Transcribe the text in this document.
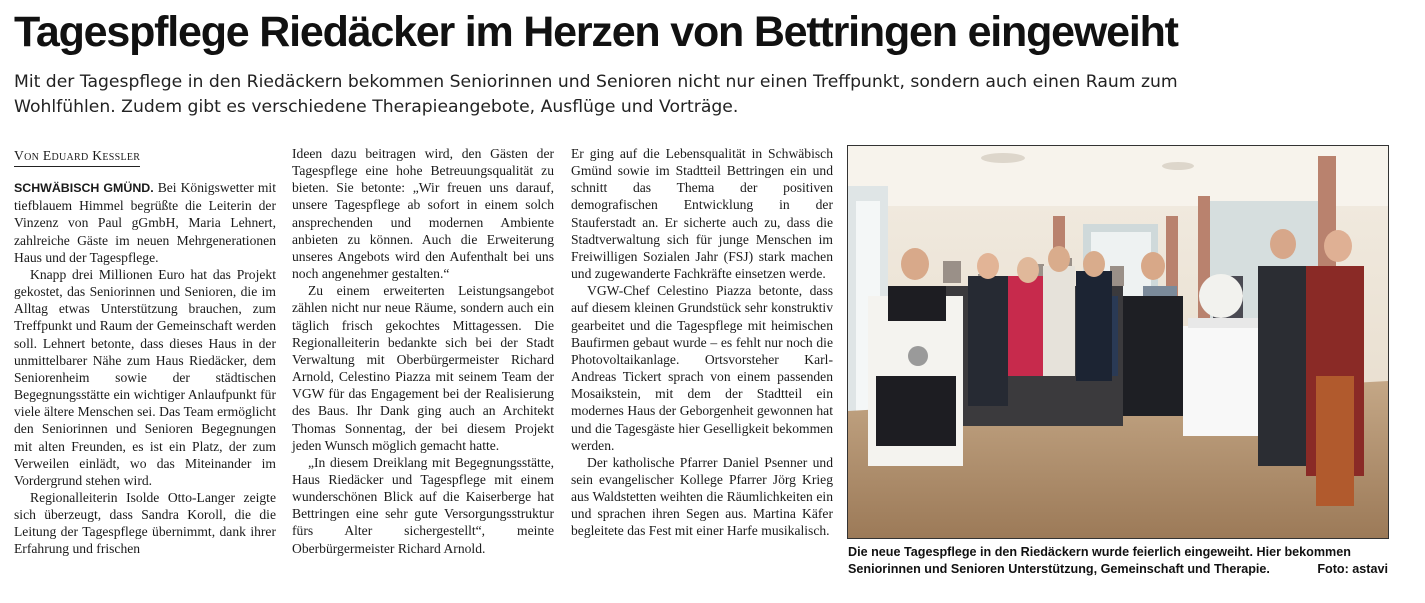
Tagespflege Riedäcker im Herzen von Bettringen eingeweiht

Mit der Tagespflege in den Riedäckern bekommen Seniorinnen und Senioren nicht nur einen Treffpunkt, sondern auch einen Raum zum Wohlfühlen. Zudem gibt es verschiedene Therapieangebote, Ausflüge und Vorträge.

Von Eduard Kessler

SCHWÄBISCH GMÜND. Bei Königswetter mit tiefblauem Himmel begrüßte die Leiterin der Vinzenz von Paul gGmbH, Maria Lehnert, zahlreiche Gäste im neuen Mehrgenerationen Haus und der Tagespflege.

Knapp drei Millionen Euro hat das Projekt gekostet, das Seniorinnen und Senioren, die im Alltag etwas Unterstützung brauchen, zum Treffpunkt und Raum der Gemeinschaft werden soll. Lehnert betonte, dass dieses Haus in der unmittelbarer Nähe zum Haus Riedäcker, dem Seniorenheim sowie der städtischen Begegnungsstätte ein wichtiger Anlaufpunkt für viele ältere Menschen sei. Das Team ermöglicht den Seniorinnen und Senioren Begegnungen mit alten Freunden, es ist ein Platz, der zum Verweilen einlädt, wo das Miteinander im Vordergrund stehen wird.

Regionalleiterin Isolde Otto-Langer zeigte sich überzeugt, dass Sandra Koroll, die die Leitung der Tagespflege übernimmt, dank ihrer Erfahrung und frischen

Ideen dazu beitragen wird, den Gästen der Tagespflege eine hohe Betreuungsqualität zu bieten. Sie betonte: „Wir freuen uns darauf, unsere Tagespflege ab sofort in einem solch ansprechenden und modernen Ambiente anbieten zu können. Auch die Erweiterung unseres Angebots wird den Aufenthalt bei uns noch angenehmer gestalten.“

Zu einem erweiterten Leistungsangebot zählen nicht nur neue Räume, sondern auch ein täglich frisch gekochtes Mittagessen. Die Regionalleiterin bedankte sich bei der Stadt Verwaltung mit Oberbürgermeister Richard Arnold, Celestino Piazza mit seinem Team der VGW für das Engagement bei der Realisierung des Baus. Ihr Dank ging auch an Architekt Thomas Sonnentag, der bei diesem Projekt jeden Wunsch möglich gemacht hatte.

„In diesem Dreiklang mit Begegnungsstätte, Haus Riedäcker und Tagespflege mit einem wunderschönen Blick auf die Kaiserberge hat Bettringen eine sehr gute Versorgungsstruktur fürs Alter sichergestellt“, meinte Oberbürgermeister Richard Arnold.

Er ging auf die Lebensqualität in Schwäbisch Gmünd sowie im Stadtteil Bettringen ein und schnitt das Thema der positiven demografischen Entwicklung in der Stauferstadt an. Er sicherte auch zu, dass die Stadtverwaltung sich für junge Menschen im Freiwilligen Sozialen Jahr (FSJ) stark machen und zugewanderte Fachkräfte einsetzen werde.

VGW-Chef Celestino Piazza betonte, dass auf diesem kleinen Grundstück sehr konstruktiv gearbeitet und die Tagespflege mit heimischen Baufirmen gebaut wurde – es fehlt nur noch die Photovoltaikanlage. Ortsvorsteher Karl-Andreas Tickert sprach von einem passenden Mosaikstein, mit dem der Stadtteil ein modernes Haus der Geborgenheit gewonnen hat und die Tagesgäste hier Geselligkeit bekommen werden.

Der katholische Pfarrer Daniel Psenner und sein evangelischer Kollege Pfarrer Jörg Krieg aus Waldstetten weihten die Räumlichkeiten ein und sprachen ihren Segen aus. Martina Käfer begleitete das Fest mit einer Harfe musikalisch.

Die neue Tagespflege in den Riedäckern wurde feierlich eingeweiht. Hier bekommen Seniorinnen und Senioren Unterstützung, Gemeinschaft und Therapie.	Foto: astavi
